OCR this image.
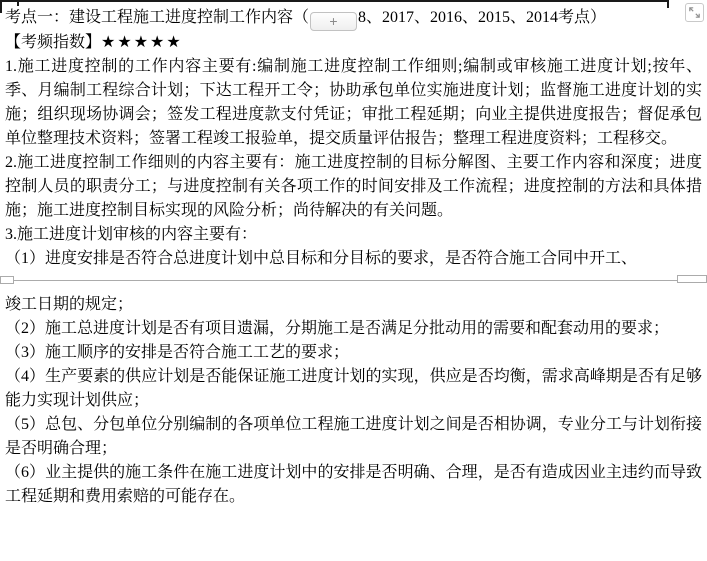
考点一：建设工程施工进度控制工作内容（ + 8、2017、2016、2015、2014考点）
【考频指数】★★★★★

1.施工进度控制的工作内容主要有:编制施工进度控制工作细则;编制或审核施工进度计划;按年、季、月编制工程综合计划；下达工程开工令；协助承包单位实施进度计划；监督施工进度计划的实施；组织现场协调会；签发工程进度款支付凭证；审批工程延期；向业主提供进度报告；督促承包单位整理技术资料；签署工程竣工报验单，提交质量评估报告；整理工程进度资料；工程移交。

2.施工进度控制工作细则的内容主要有：施工进度控制的目标分解图、主要工作内容和深度；进度控制人员的职责分工；与进度控制有关各项工作的时间安排及工作流程；进度控制的方法和具体措施；施工进度控制目标实现的风险分析；尚待解决的有关问题。

3.施工进度计划审核的内容主要有：

（1）进度安排是否符合总进度计划中总目标和分目标的要求，是否符合施工合同中开工、

竣工日期的规定；

（2）施工总进度计划是否有项目遗漏，分期施工是否满足分批动用的需要和配套动用的要求；

（3）施工顺序的安排是否符合施工工艺的要求；

（4）生产要素的供应计划是否能保证施工进度计划的实现，供应是否均衡，需求高峰期是否有足够能力实现计划供应；

（5）总包、分包单位分别编制的各项单位工程施工进度计划之间是否相协调，专业分工与计划衔接是否明确合理；

（6）业主提供的施工条件在施工进度计划中的安排是否明确、合理，是否有造成因业主违约而导致工程延期和费用索赔的可能存在。
